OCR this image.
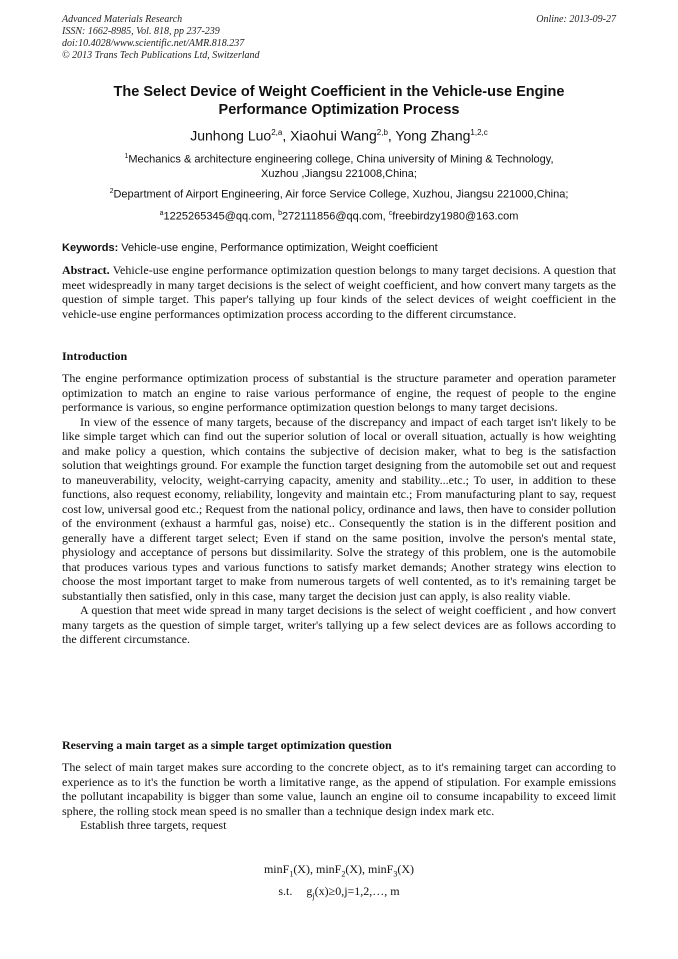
Advanced Materials Research
ISSN: 1662-8985, Vol. 818, pp 237-239
doi:10.4028/www.scientific.net/AMR.818.237
© 2013 Trans Tech Publications Ltd, Switzerland
Online: 2013-09-27
The Select Device of Weight Coefficient in the Vehicle-use Engine
Performance Optimization Process
Junhong Luo$^{2,a}$, Xiaohui Wang$^{2,b}$, Yong Zhang$^{1,2,c}$
$^1$Mechanics & architecture engineering college, China university of Mining & Technology,
Xuzhou ,Jiangsu 221008,China;
$^2$Department of Airport Engineering, Air force Service College, Xuzhou, Jiangsu 221000,China;
$^a$1225265345@qq.com, $^b$272111856@qq.com, $^c$freebirdzy1980@163.com
Keywords: Vehicle-use engine, Performance optimization, Weight coefficient

Abstract. Vehicle-use engine performance optimization question belongs to many target decisions. A question that meet widespreadly in many target decisions is the select of weight coefficient, and how convert many targets as the question of simple target. This paper's tallying up four kinds of the select devices of weight coefficient in the vehicle-use engine performances optimization process according to the different circumstance.

Introduction

The engine performance optimization process of substantial is the structure parameter and operation parameter optimization to match an engine to raise various performance of engine, the request of people to the engine performance is various, so engine performance optimization question belongs to many target decisions.

In view of the essence of many targets, because of the discrepancy and impact of each target isn't likely to be like simple target which can find out the superior solution of local or overall situation, actually is how weighting and make policy a question, which contains the subjective of decision maker, what to beg is the satisfaction solution that weightings ground. For example the function target designing from the automobile set out and request to maneuverability, velocity, weight-carrying capacity, amenity and stability...etc.; To user, in addition to these functions, also request economy, reliability, longevity and maintain etc.; From manufacturing plant to say, request cost low, universal good etc.; Request from the national policy, ordinance and laws, then have to consider pollution of the environment (exhaust a harmful gas, noise) etc.. Consequently the station is in the different position and generally have a different target select; Even if stand on the same position, involve the person's mental state, physiology and acceptance of persons but dissimilarity. Solve the strategy of this problem, one is the automobile that produces various types and various functions to satisfy market demands; Another strategy wins election to choose the most important target to make from numerous targets of well contented, as to it's remaining target be substantially then satisfied, only in this case, many target the decision just can apply, is also reality viable.

A question that meet wide spread in many target decisions is the select of weight coefficient , and how convert many targets as the question of simple target, writer's tallying up a few select devices are as follows according to the different circumstance.

Reserving a main target as a simple target optimization question

The select of main target makes sure according to the concrete object, as to it's remaining target can according to experience as to it's the function be worth a limitative range, as the append of stipulation. For example emissions the pollutant incapability is bigger than some value, launch an engine oil to consume incapability to exceed limit sphere, the rolling stock mean speed is no smaller than a technique design index mark etc.

Establish three targets, request

minF$_1$(X), minF$_2$(X), minF$_3$(X)
s.t. $g_j(x)\ge 0,j=1,2,\dots$, m
